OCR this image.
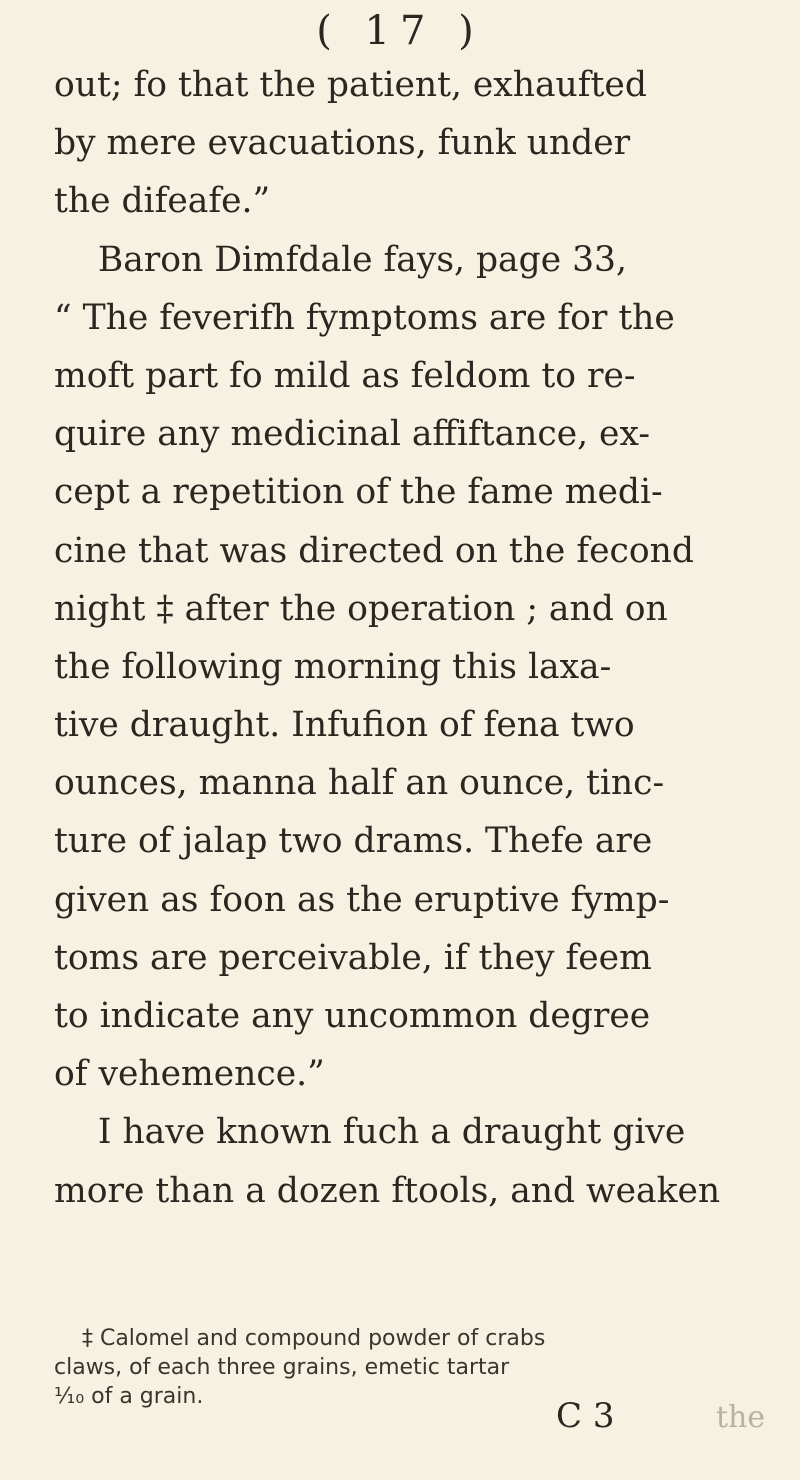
( 17 )
out; fo that the patient, exhaufted
by mere evacuations, funk under
the difeafe.”
Baron Dimfdale fays, page 33,
“ The feverifh fymptoms are for the
moft part fo mild as feldom to re-
quire any medicinal affiftance, ex-
cept a repetition of the fame medi-
cine that was directed on the fecond
night ‡ after the operation ; and on
the following morning this laxa-
tive draught. Infufion of fena two
ounces, manna half an ounce, tinc-
ture of jalap two drams. Thefe are
given as foon as the eruptive fymp-
toms are perceivable, if they feem
to indicate any uncommon degree
of vehemence.”
I have known fuch a draught give
more than a dozen ftools, and weaken
‡ Calomel and compound powder of crabs
claws, of each three grains, emetic tartar
¹⁄₁₀ of a grain.	C 3	the
